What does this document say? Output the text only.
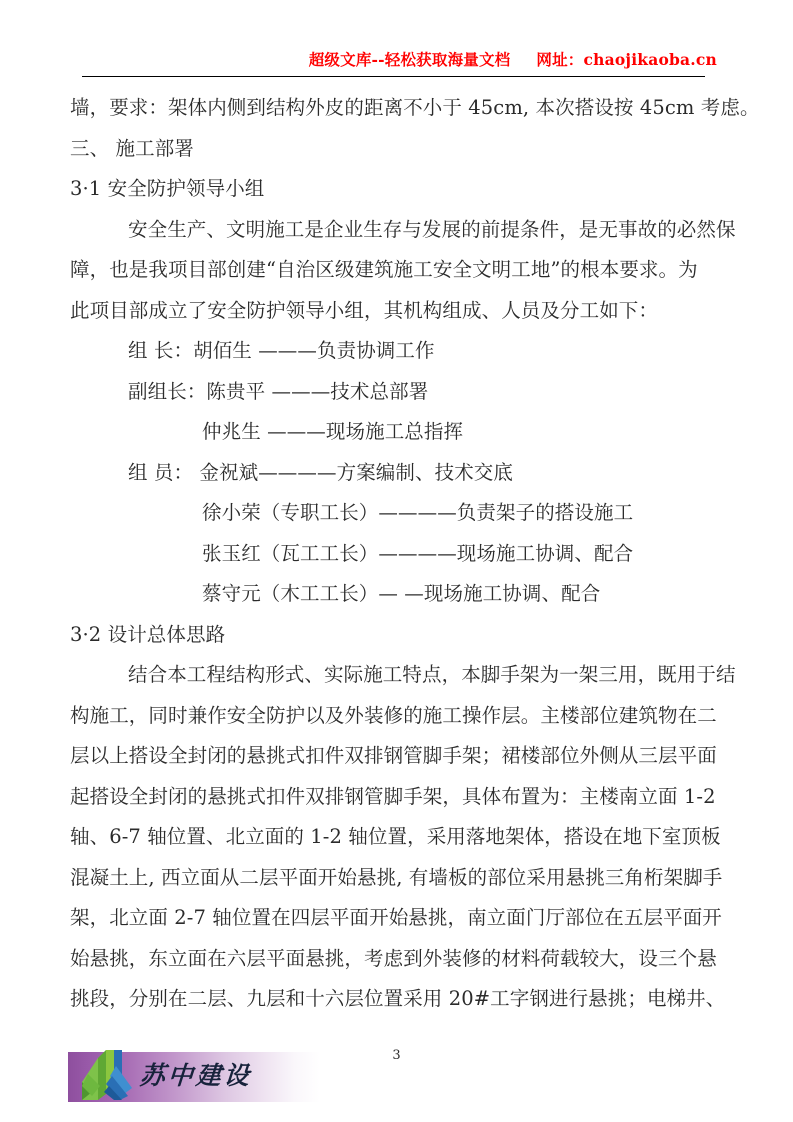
超级文库--轻松获取海量文档 网址：chaojikaoba.cn
墙，要求：架体内侧到结构外皮的距离不小于 45cm, 本次搭设按 45cm 考虑。
三、 施工部署
3·1 安全防护领导小组
安全生产、文明施工是企业生存与发展的前提条件，是无事故的必然保
障，也是我项目部创建“自治区级建筑施工安全文明工地”的根本要求。为
此项目部成立了安全防护领导小组，其机构组成、人员及分工如下：
组 长：胡佰生 ———负责协调工作
副组长：陈贵平 ———技术总部署
仲兆生 ———现场施工总指挥
组 员： 金祝斌————方案编制、技术交底
徐小荣（专职工长）————负责架子的搭设施工
张玉红（瓦工工长）————现场施工协调、配合
蔡守元（木工工长）— —现场施工协调、配合
3·2 设计总体思路
结合本工程结构形式、实际施工特点，本脚手架为一架三用，既用于结
构施工，同时兼作安全防护以及外装修的施工操作层。主楼部位建筑物在二
层以上搭设全封闭的悬挑式扣件双排钢管脚手架；裙楼部位外侧从三层平面
起搭设全封闭的悬挑式扣件双排钢管脚手架，具体布置为：主楼南立面 1-2
轴、6-7 轴位置、北立面的 1-2 轴位置，采用落地架体，搭设在地下室顶板
混凝土上, 西立面从二层平面开始悬挑, 有墙板的部位采用悬挑三角桁架脚手
架，北立面 2-7 轴位置在四层平面开始悬挑，南立面门厅部位在五层平面开
始悬挑，东立面在六层平面悬挑，考虑到外装修的材料荷载较大，设三个悬
挑段，分别在二层、九层和十六层位置采用 20#工字钢进行悬挑；电梯井、
苏中建设
3
